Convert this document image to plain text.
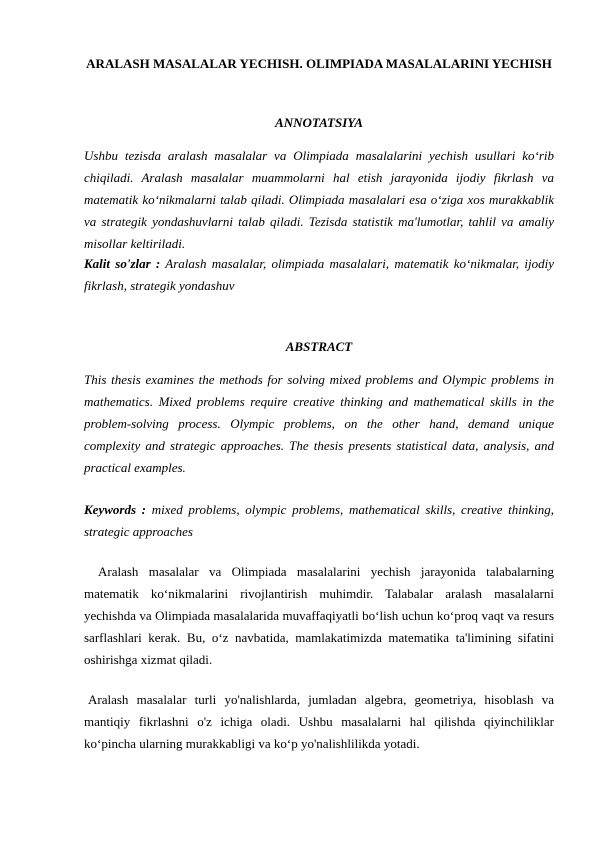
ARALASH MASALALAR YECHISH. OLIMPIADA MASALALARINI YECHISH
ANNOTATSIYA

Ushbu tezisda aralash masalalar va Olimpiada masalalarini yechish usullari ko‘rib chiqiladi. Aralash masalalar muammolarni hal etish jarayonida ijodiy fikrlash va matematik ko‘nikmalarni talab qiladi. Olimpiada masalalari esa o‘ziga xos murakkablik va strategik yondashuvlarni talab qiladi. Tezisda statistik ma'lumotlar, tahlil va amaliy misollar keltiriladi.

Kalit so'zlar : Aralash masalalar, olimpiada masalalari, matematik ko‘nikmalar, ijodiy fikrlash, strategik yondashuv

ABSTRACT

This thesis examines the methods for solving mixed problems and Olympic problems in mathematics. Mixed problems require creative thinking and mathematical skills in the problem-solving process. Olympic problems, on the other hand, demand unique complexity and strategic approaches. The thesis presents statistical data, analysis, and practical examples.

Keywords : mixed problems, olympic problems, mathematical skills, creative thinking, strategic approaches

Aralash masalalar va Olimpiada masalalarini yechish jarayonida talabalarning matematik ko‘nikmalarini rivojlantirish muhimdir. Talabalar aralash masalalarni yechishda va Olimpiada masalalarida muvaffaqiyatli bo‘lish uchun ko‘proq vaqt va resurs sarflashlari kerak. Bu, o‘z navbatida, mamlakatimizda matematika ta'limining sifatini oshirishga xizmat qiladi.

Aralash masalalar turli yo'nalishlarda, jumladan algebra, geometriya, hisoblash va mantiqiy fikrlashni o'z ichiga oladi. Ushbu masalalarni hal qilishda qiyinchiliklar ko‘pincha ularning murakkabligi va ko‘p yo'nalishlilikda yotadi.
